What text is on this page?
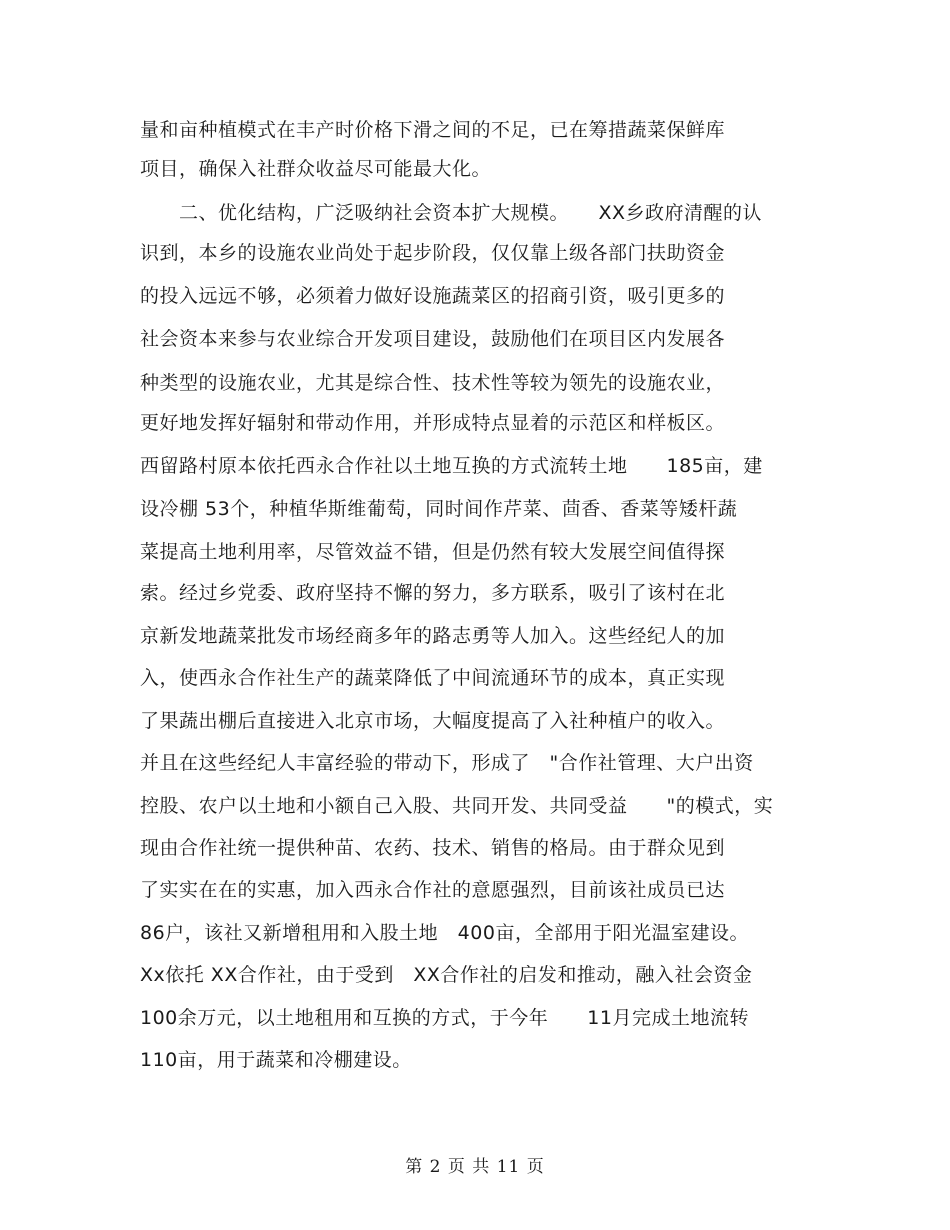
量和亩种植模式在丰产时价格下滑之间的不足，已在筹措蔬菜保鲜库
项目，确保入社群众收益尽可能最大化。
　　二、优化结构，广泛吸纳社会资本扩大规模。　　XX乡政府清醒的认
识到，本乡的设施农业尚处于起步阶段，仅仅靠上级各部门扶助资金
的投入远远不够，必须着力做好设施蔬菜区的招商引资，吸引更多的
社会资本来参与农业综合开发项目建设，鼓励他们在项目区内发展各
种类型的设施农业，尤其是综合性、技术性等较为领先的设施农业，
更好地发挥好辐射和带动作用，并形成特点显着的示范区和样板区。
西留路村原本依托西永合作社以土地互换的方式流转土地　　185亩，建
设冷棚 53个，种植华斯维葡萄，同时间作芹菜、茴香、香菜等矮杆蔬
菜提高土地利用率，尽管效益不错，但是仍然有较大发展空间值得探
索。经过乡党委、政府坚持不懈的努力，多方联系，吸引了该村在北
京新发地蔬菜批发市场经商多年的路志勇等人加入。这些经纪人的加
入，使西永合作社生产的蔬菜降低了中间流通环节的成本，真正实现
了果蔬出棚后直接进入北京市场，大幅度提高了入社种植户的收入。
并且在这些经纪人丰富经验的带动下，形成了　"合作社管理、大户出资
控股、农户以土地和小额自己入股、共同开发、共同受益　　"的模式，实
现由合作社统一提供种苗、农药、技术、销售的格局。由于群众见到
了实实在在的实惠，加入西永合作社的意愿强烈，目前该社成员已达
86户，该社又新增租用和入股土地　400亩，全部用于阳光温室建设。
Xx依托 XX合作社，由于受到　XX合作社的启发和推动，融入社会资金
100余万元，以土地租用和互换的方式，于今年　　11月完成土地流转
110亩，用于蔬菜和冷棚建设。
第 2 页 共 11 页
